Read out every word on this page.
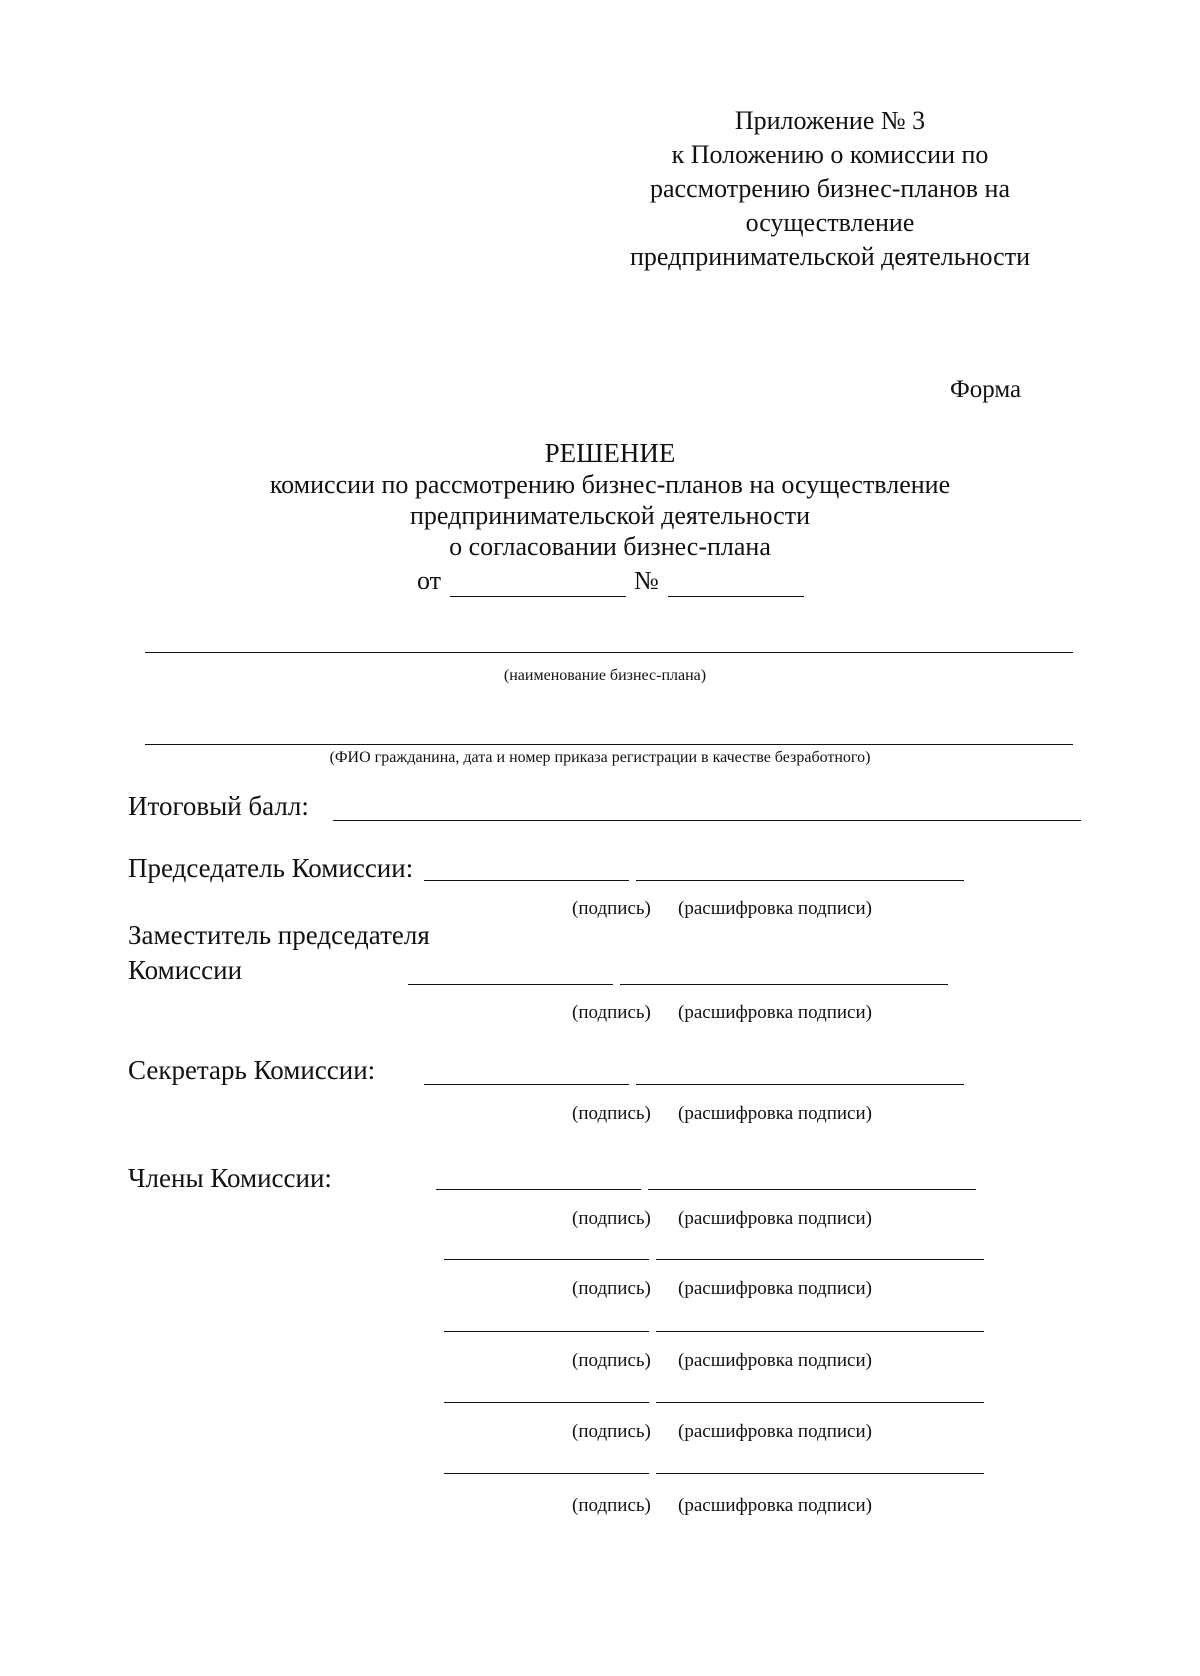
Приложение № 3
к Положению о комиссии по
рассмотрению бизнес-планов на
осуществление
предпринимательской деятельности
Форма
РЕШЕНИЕ
комиссии по рассмотрению бизнес-планов на осуществление
предпринимательской деятельности
о согласовании бизнес-плана
от	№
(наименование бизнес-плана)
(ФИО гражданина, дата и номер приказа регистрации в качестве безработного)
Итоговый балл:
Председатель Комиссии:
(подпись) (расшифровка подписи)
Заместитель председателя
Комиссии
(подпись) (расшифровка подписи)
Секретарь Комиссии:
(подпись) (расшифровка подписи)
Члены Комиссии:
(подпись) (расшифровка подписи)
(подпись) (расшифровка подписи)
(подпись) (расшифровка подписи)
(подпись) (расшифровка подписи)
(подпись) (расшифровка подписи)
